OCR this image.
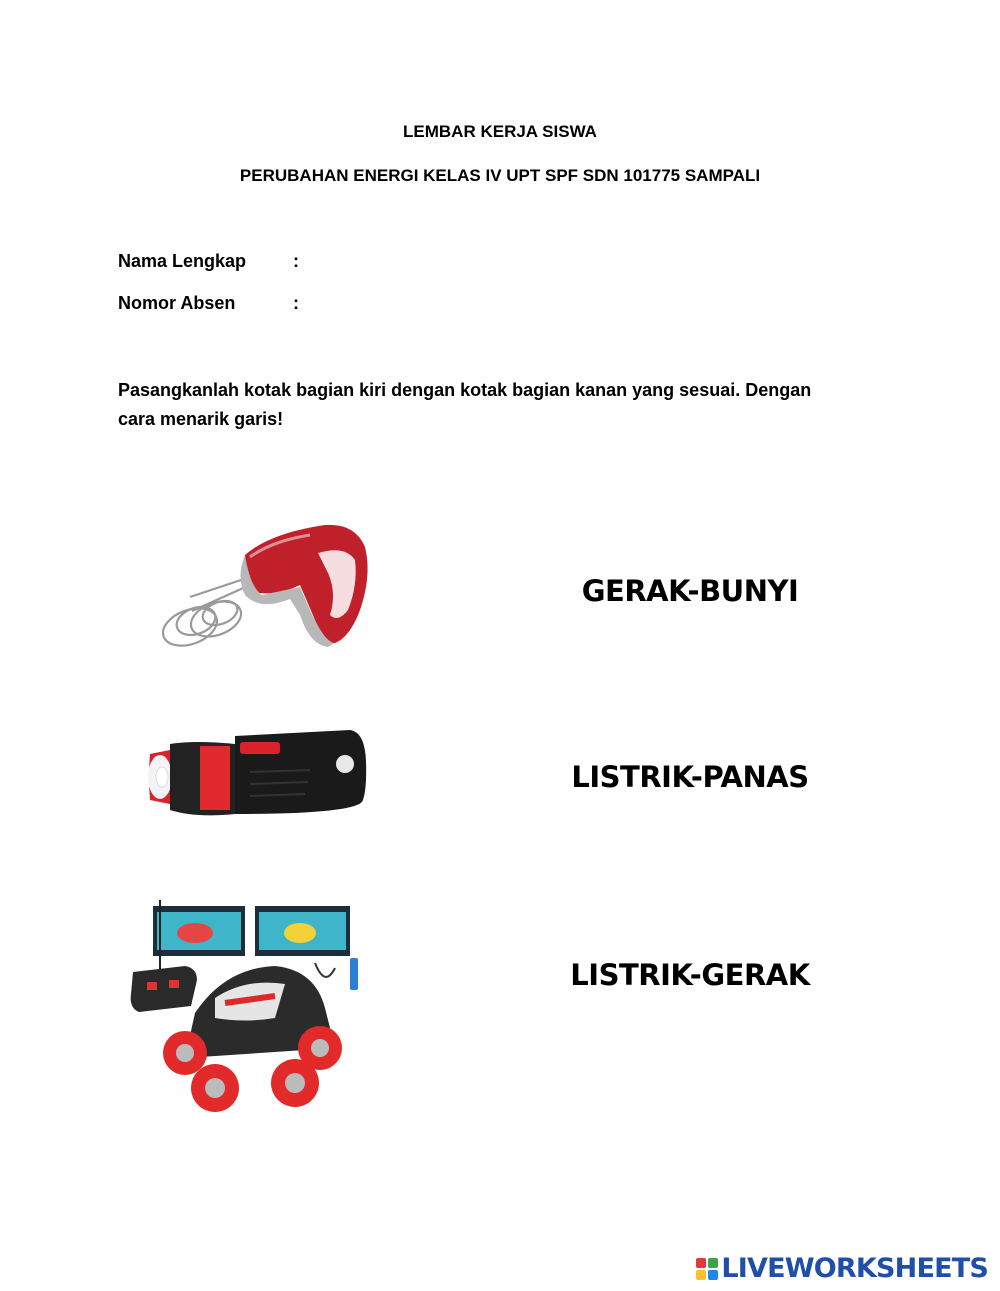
LEMBAR KERJA SISWA
PERUBAHAN ENERGI KELAS IV UPT SPF SDN 101775 SAMPALI
Nama Lengkap	:
Nomor Absen	:
Pasangkanlah kotak bagian kiri dengan kotak bagian kanan yang sesuai. Dengan cara menarik garis!
GERAK-BUNYI
LISTRIK-PANAS
LISTRIK-GERAK
LIVEWORKSHEETS
